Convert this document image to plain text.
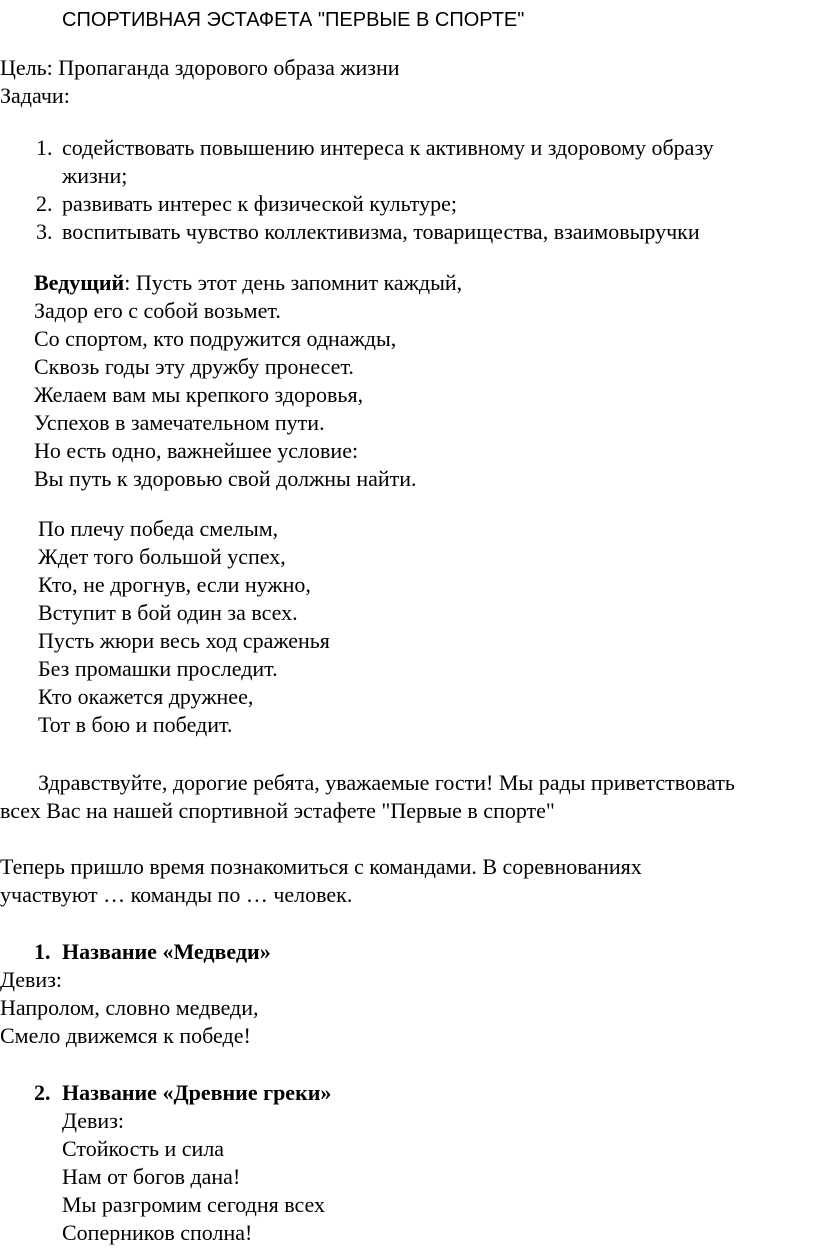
СПОРТИВНАЯ ЭСТАФЕТА "ПЕРВЫЕ В СПОРТЕ"
Цель: Пропаганда здорового образа жизни
Задачи:
1. содействовать повышению интереса к активному и здоровому образу
жизни;
2. развивать интерес к физической культуре;
3. воспитывать чувство коллективизма, товарищества, взаимовыручки
Ведущий: Пусть этот день запомнит каждый,
Задор его с собой возьмет.
Со спортом, кто подружится однажды,
Сквозь годы эту дружбу пронесет.
Желаем вам мы крепкого здоровья,
Успехов в замечательном пути.
Но есть одно, важнейшее условие:
Вы путь к здоровью свой должны найти.
По плечу победа смелым,
Ждет того большой успех,
Кто, не дрогнув, если нужно,
Вступит в бой один за всех.
Пусть жюри весь ход сраженья
Без промашки проследит.
Кто окажется дружнее,
Тот в бою и победит.
Здравствуйте, дорогие ребята, уважаемые гости! Мы рады приветствовать
всех Вас на нашей спортивной эстафете "Первые в спорте"
Теперь пришло время познакомиться с командами. В соревнованиях
участвуют … команды по … человек.
1. Название «Медведи»
Девиз:
Напролом, словно медведи,
Смело движемся к победе!
2. Название «Древние греки»
Девиз:
Стойкость и сила
Нам от богов дана!
Мы разгромим сегодня всех
Соперников сполна!
